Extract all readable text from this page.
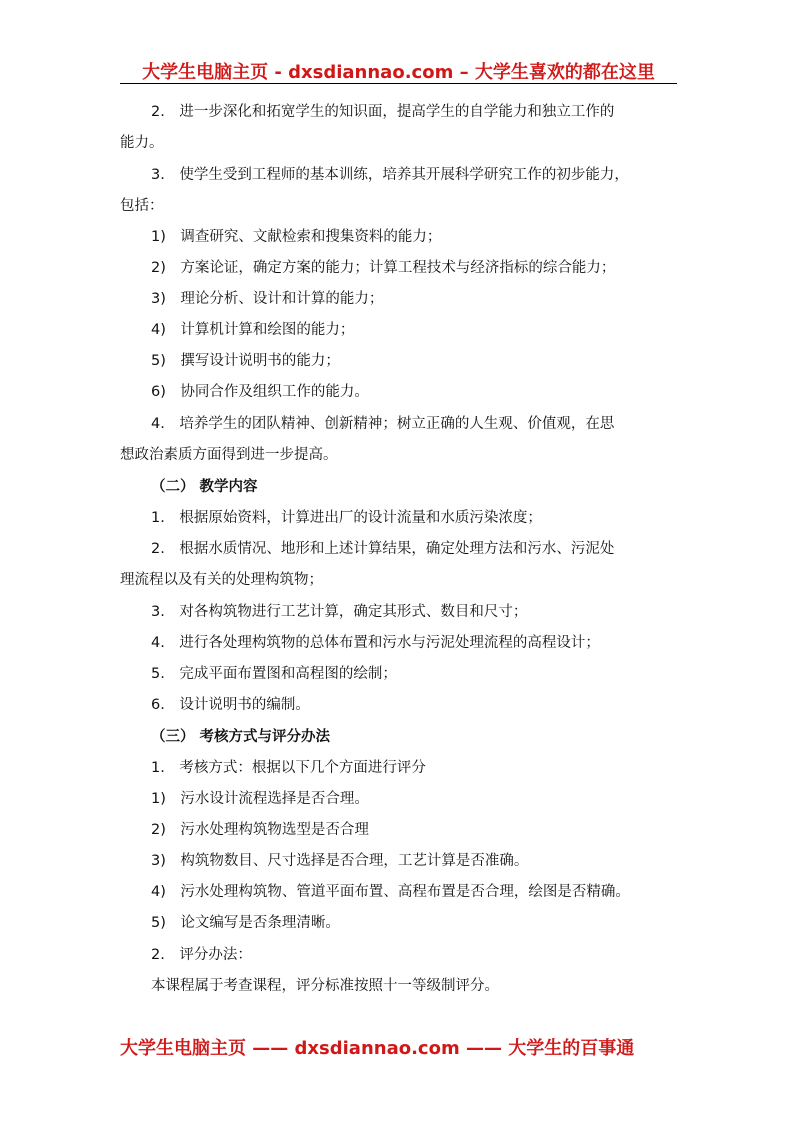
大学生电脑主页 - dxsdiannao.com – 大学生喜欢的都在这里
2.　进一步深化和拓宽学生的知识面，提高学生的自学能力和独立工作的
能力。
3.　使学生受到工程师的基本训练，培养其开展科学研究工作的初步能力，
包括：
1)　调查研究、文献检索和搜集资料的能力；
2)　方案论证，确定方案的能力；计算工程技术与经济指标的综合能力；
3)　理论分析、设计和计算的能力；
4)　计算机计算和绘图的能力；
5)　撰写设计说明书的能力；
6)　协同合作及组织工作的能力。
4.　培养学生的团队精神、创新精神；树立正确的人生观、价值观，在思
想政治素质方面得到进一步提高。
（二） 教学内容
1.　根据原始资料，计算进出厂的设计流量和水质污染浓度；
2.　根据水质情况、地形和上述计算结果，确定处理方法和污水、污泥处
理流程以及有关的处理构筑物；
3.　对各构筑物进行工艺计算，确定其形式、数目和尺寸；
4.　进行各处理构筑物的总体布置和污水与污泥处理流程的高程设计；
5.　完成平面布置图和高程图的绘制；
6.　设计说明书的编制。
（三） 考核方式与评分办法
1.　考核方式：根据以下几个方面进行评分
1)　污水设计流程选择是否合理。
2)　污水处理构筑物选型是否合理
3)　构筑物数目、尺寸选择是否合理，工艺计算是否准确。
4)　污水处理构筑物、管道平面布置、高程布置是否合理，绘图是否精确。
5)　论文编写是否条理清晰。
2.　评分办法：
本课程属于考查课程，评分标准按照十一等级制评分。
大学生电脑主页 —— dxsdiannao.com —— 大学生的百事通
